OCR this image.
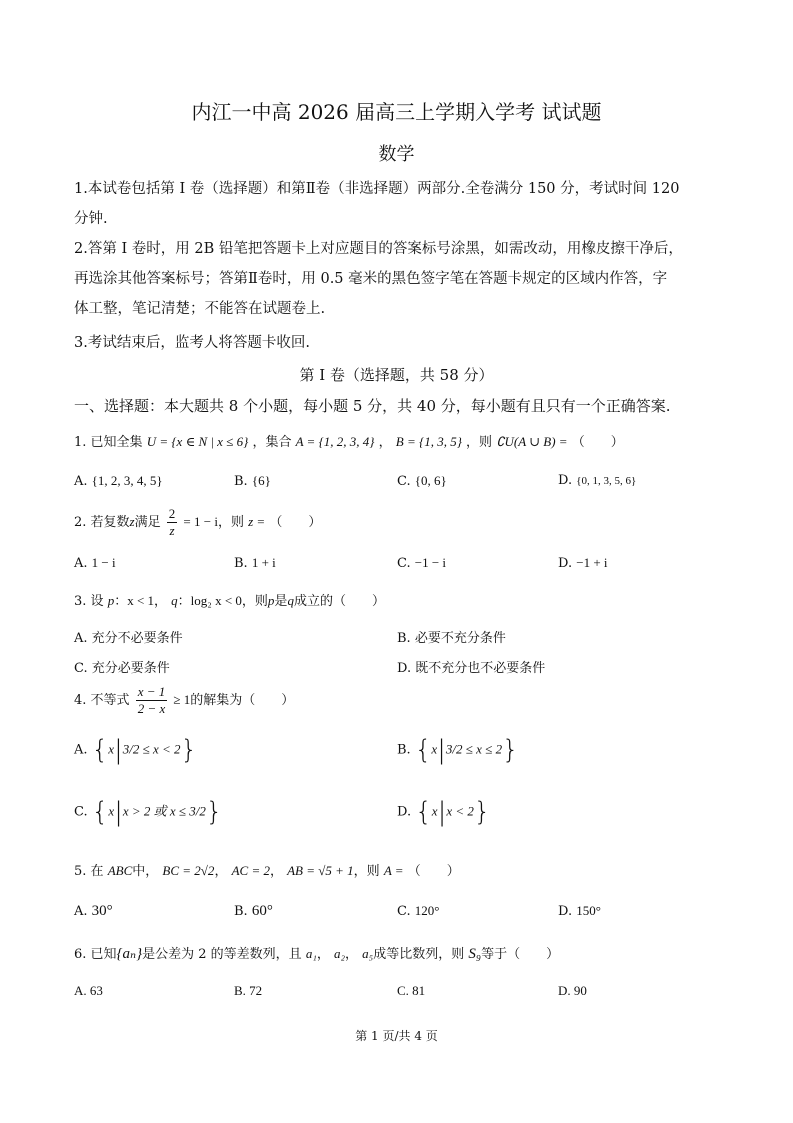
内江一中高 2026 届高三上学期入学考 试试题
数学
1.本试卷包括第 I 卷（选择题）和第Ⅱ卷（非选择题）两部分.全卷满分 150 分，考试时间 120
分钟.
2.答第 I 卷时，用 2B 铅笔把答题卡上对应题目的答案标号涂黑，如需改动，用橡皮擦干净后，
再选涂其他答案标号；答第Ⅱ卷时，用 0.5 毫米的黑色签字笔在答题卡规定的区域内作答，字
体工整，笔记清楚；不能答在试题卷上.
3.考试结束后，监考人将答题卡收回.
第 I 卷（选择题，共 58 分）
一、选择题：本大题共 8 个小题，每小题 5 分，共 40 分，每小题有且只有一个正确答案.
1. 已知全集 U = {x ∈ N | x ≤ 6} ，集合 A = {1, 2, 3, 4} ， B = {1, 3, 5} ，则 ∁U(A ∪ B) = （　　）
A. {1, 2, 3, 4, 5}	B. {6}	C. {0, 6}	D. {0, 1, 3, 5, 6}
2. 若复数z满足 $\frac{2}{z} = 1 - i$，则 z = （　　）
A. 1 − i	B. 1 + i	C. −1 − i	D. −1 + i
3. 设 p：x < 1， q：log₂ x < 0，则p是q成立的（　　）
A. 充分不必要条件	B. 必要不充分条件
C. 充分必要条件	D. 既不充分也不必要条件
4. 不等式 $\frac{x - 1}{2 - x} \ge 1$的解集为（　　）
A. {x|3/2 ≤ x < 2}	B. {x|3/2 ≤ x ≤ 2}
C. {x|x > 2 或 x ≤ 3/2}	D. {x|x < 2}
5. 在 ABC中， BC = 2√2， AC = 2， AB = √5 + 1，则 A = （　　）
A. 30°	B. 60°	C. 120°	D. 150°
6. 已知{aₙ}是公差为 2 的等差数列，且 a₁， a₂， a₅成等比数列，则 S₉等于（　　）
A. 63	B. 72	C. 81	D. 90
第 1 页/共 4 页
